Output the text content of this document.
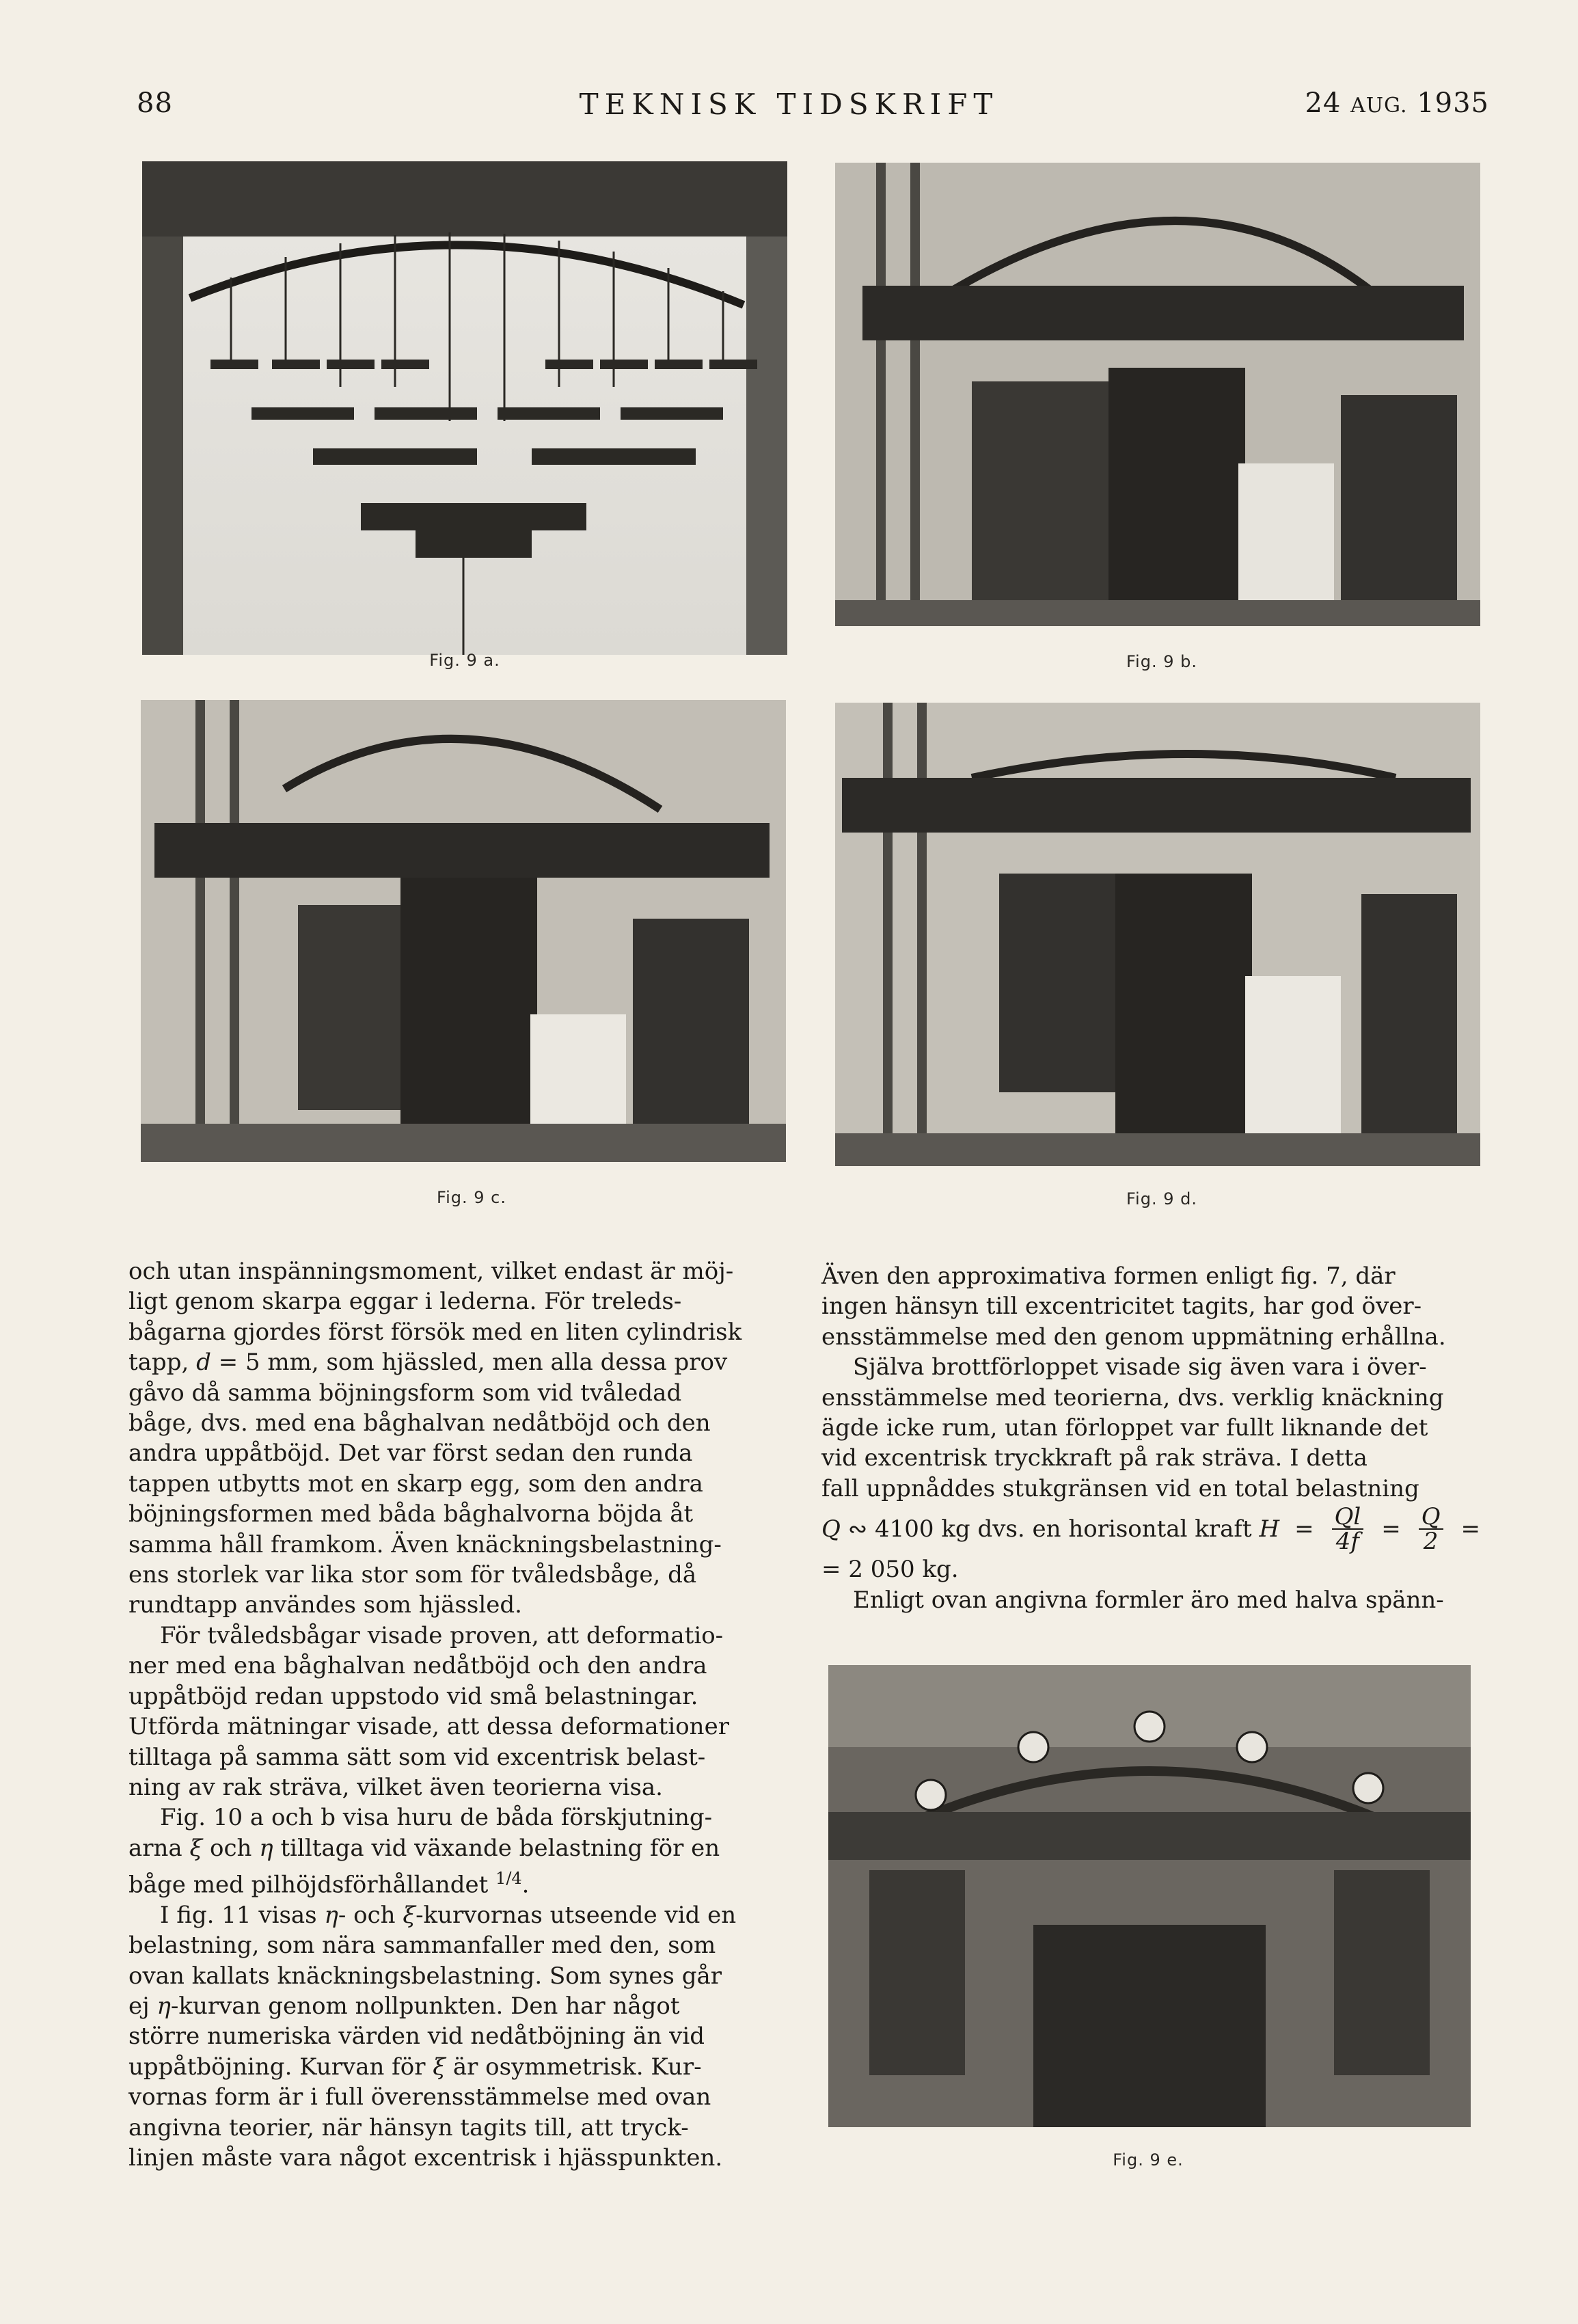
88	TEKNISK TIDSKRIFT	24 AUG. 1935
Fig. 9 a.	Fig. 9 b.
Fig. 9 c.	Fig. 9 d.

och utan inspänningsmoment, vilket endast är möj-
ligt genom skarpa eggar i lederna. För treleds-
bågarna gjordes först försök med en liten cylindrisk
tapp, d = 5 mm, som hjässled, men alla dessa prov
gåvo då samma böjningsform som vid tvåledad
båge, dvs. med ena båghalvan nedåtböjd och den
andra uppåtböjd. Det var först sedan den runda
tappen utbytts mot en skarp egg, som den andra
böjningsformen med båda båghalvorna böjda åt
samma håll framkom. Även knäckningsbelastning-
ens storlek var lika stor som för tvåledsbåge, då
rundtapp användes som hjässled.

För tvåledsbågar visade proven, att deformatio-
ner med ena båghalvan nedåtböjd och den andra
uppåtböjd redan uppstodo vid små belastningar.
Utförda mätningar visade, att dessa deformationer
tilltaga på samma sätt som vid excentrisk belast-
ning av rak sträva, vilket även teorierna visa.

Fig. 10 a och b visa huru de båda förskjutning-
arna ξ och η tilltaga vid växande belastning för en
båge med pilhöjdsförhållandet $^{1/4}$.

I fig. 11 visas η- och ξ-kurvornas utseende vid en
belastning, som nära sammanfaller med den, som
ovan kallats knäckningsbelastning. Som synes går
ej η-kurvan genom nollpunkten. Den har något
större numeriska värden vid nedåtböjning än vid
uppåtböjning. Kurvan för ξ är osymmetrisk. Kur-
vornas form är i full överensstämmelse med ovan
angivna teorier, när hänsyn tagits till, att tryck-
linjen måste vara något excentrisk i hjässpunkten.

Även den approximativa formen enligt fig. 7, där
ingen hänsyn till excentricitet tagits, har god över-
ensstämmelse med den genom uppmätning erhållna.

Själva brottförloppet visade sig även vara i över-
ensstämmelse med teorierna, dvs. verklig knäckning
ägde icke rum, utan förloppet var fullt liknande det
vid excentrisk tryckkraft på rak sträva. I detta
fall uppnåddes stukgränsen vid en total belastning

Q ∾ 4100 kg dvs. en horisontal kraft $H = \frac{Ql}{4f} = \frac{Q}{2}$ =

= 2 050 kg.

Enligt ovan angivna formler äro med halva spänn-

Fig. 9 e.
